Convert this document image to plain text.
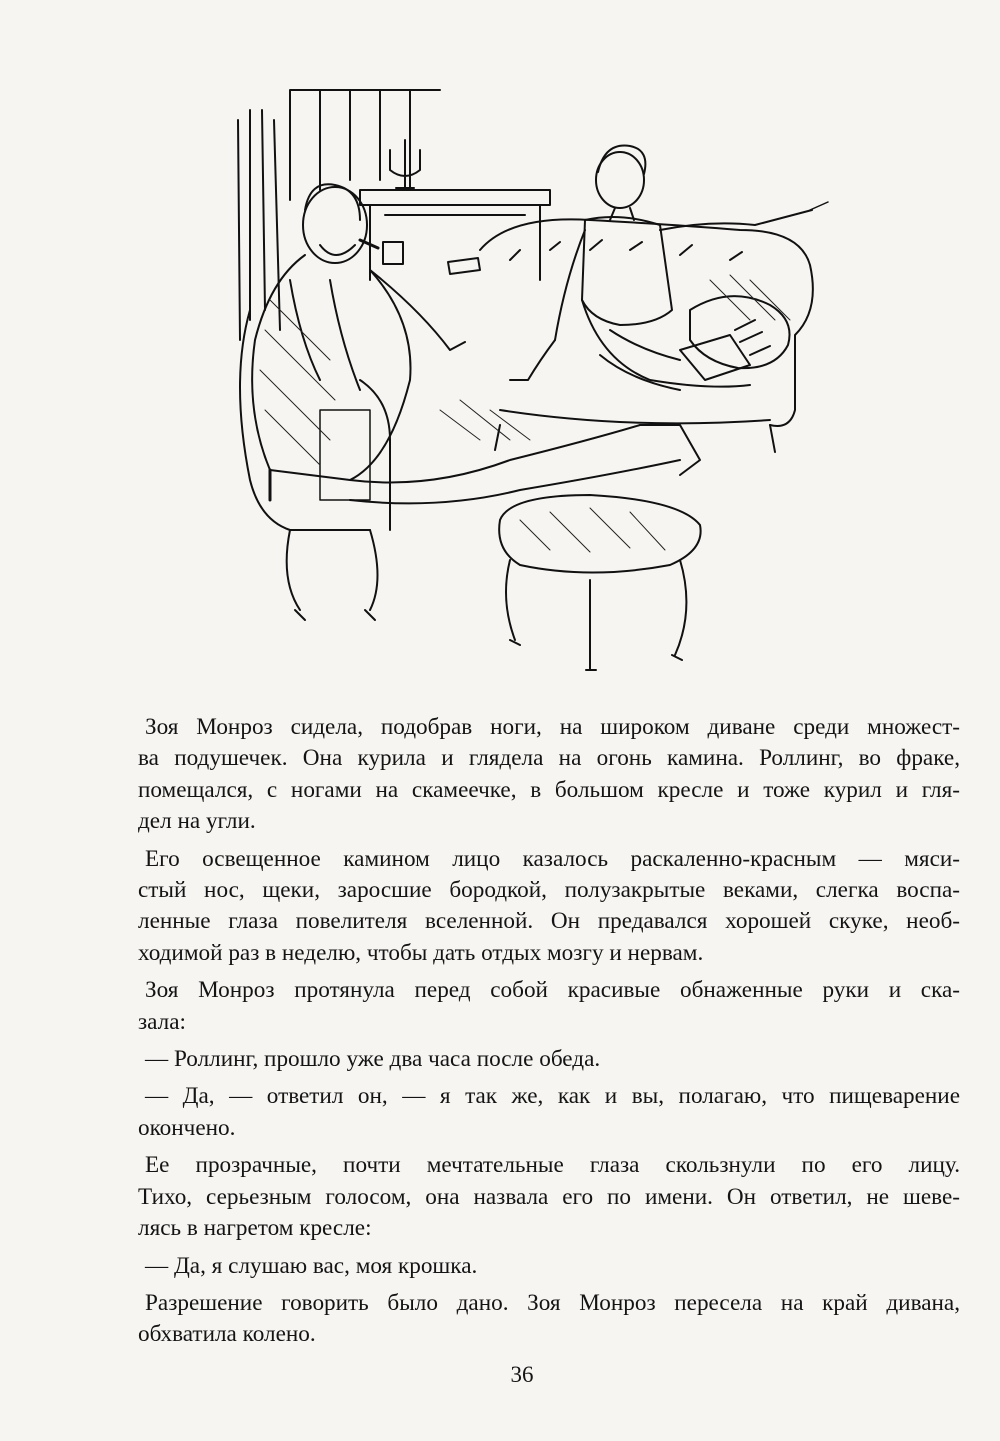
Зоя Монроз сидела, подобрав ноги, на широком диване среди множест-
ва подушечек. Она курила и глядела на огонь камина. Роллинг, во фраке,
помещался, с ногами на скамеечке, в большом кресле и тоже курил и гля-
дел на угли.

Его освещенное камином лицо казалось раскаленно-красным — мяси-
стый нос, щеки, заросшие бородкой, полузакрытые веками, слегка воспа-
ленные глаза повелителя вселенной. Он предавался хорошей скуке, необ-
ходимой раз в неделю, чтобы дать отдых мозгу и нервам.

Зоя Монроз протянула перед собой красивые обнаженные руки и ска-
зала:

— Роллинг, прошло уже два часа после обеда.

— Да, — ответил он, — я так же, как и вы, полагаю, что пищеварение
окончено.

Ее прозрачные, почти мечтательные глаза скользнули по его лицу.
Тихо, серьезным голосом, она назвала его по имени. Он ответил, не шеве-
лясь в нагретом кресле:

— Да, я слушаю вас, моя крошка.

Разрешение говорить было дано. Зоя Монроз пересела на край дивана,
обхватила колено.

36
